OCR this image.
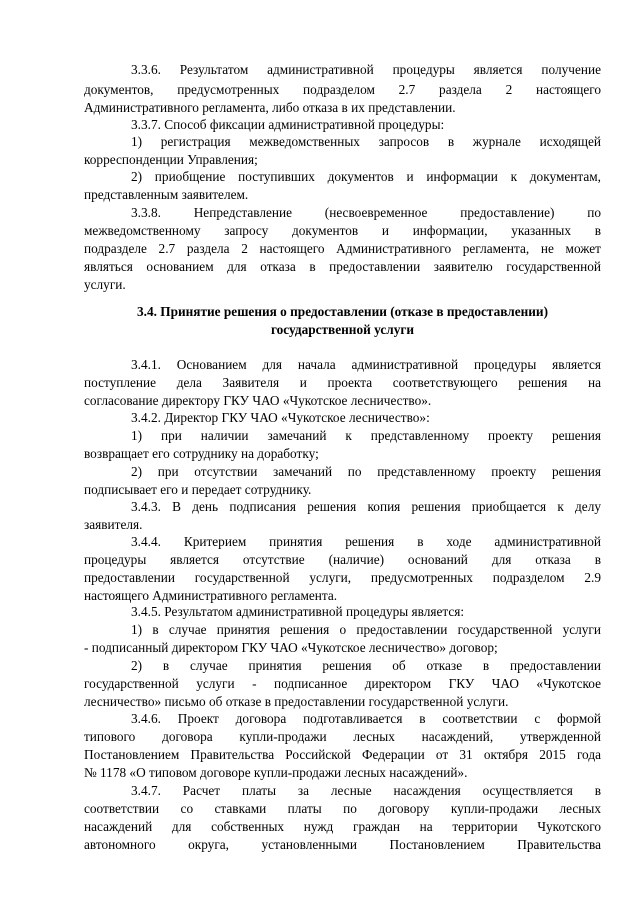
3.3.6. Результатом административной процедуры является получение
документов, предусмотренных подразделом 2.7 раздела 2 настоящего
Административного регламента, либо отказа в их представлении.
3.3.7. Способ фиксации административной процедуры:
1) регистрация межведомственных запросов в журнале исходящей
корреспонденции Управления;
2) приобщение поступивших документов и информации к документам,
представленным заявителем.
3.3.8. Непредставление (несвоевременное предоставление) по
межведомственному запросу документов и информации, указанных в
подразделе 2.7 раздела 2 настоящего Административного регламента, не может
являться основанием для отказа в предоставлении заявителю государственной
услуги.
3.4. Принятие решения о предоставлении (отказе в предоставлении)
государственной услуги
3.4.1. Основанием для начала административной процедуры является
поступление дела Заявителя и проекта соответствующего решения на
согласование директору ГКУ ЧАО «Чукотское лесничество».
3.4.2. Директор ГКУ ЧАО «Чукотское лесничество»:
1) при наличии замечаний к представленному проекту решения
возвращает его сотруднику на доработку;
2) при отсутствии замечаний по представленному проекту решения
подписывает его и передает сотруднику.
3.4.3. В день подписания решения копия решения приобщается к делу
заявителя.
3.4.4. Критерием принятия решения в ходе административной
процедуры является отсутствие (наличие) оснований для отказа в
предоставлении государственной услуги, предусмотренных подразделом 2.9
настоящего Административного регламента.
3.4.5. Результатом административной процедуры является:
1) в случае принятия решения о предоставлении государственной услуги
- подписанный директором ГКУ ЧАО «Чукотское лесничество» договор;
2) в случае принятия решения об отказе в предоставлении
государственной услуги - подписанное директором ГКУ ЧАО «Чукотское
лесничество» письмо об отказе в предоставлении государственной услуги.
3.4.6. Проект договора подготавливается в соответствии с формой
типового договора купли-продажи лесных насаждений, утвержденной
Постановлением Правительства Российской Федерации от 31 октября 2015 года
№ 1178 «О типовом договоре купли-продажи лесных насаждений».
3.4.7. Расчет платы за лесные насаждения осуществляется в
соответствии со ставками платы по договору купли-продажи лесных
насаждений для собственных нужд граждан на территории Чукотского
автономного округа, установленными Постановлением Правительства
